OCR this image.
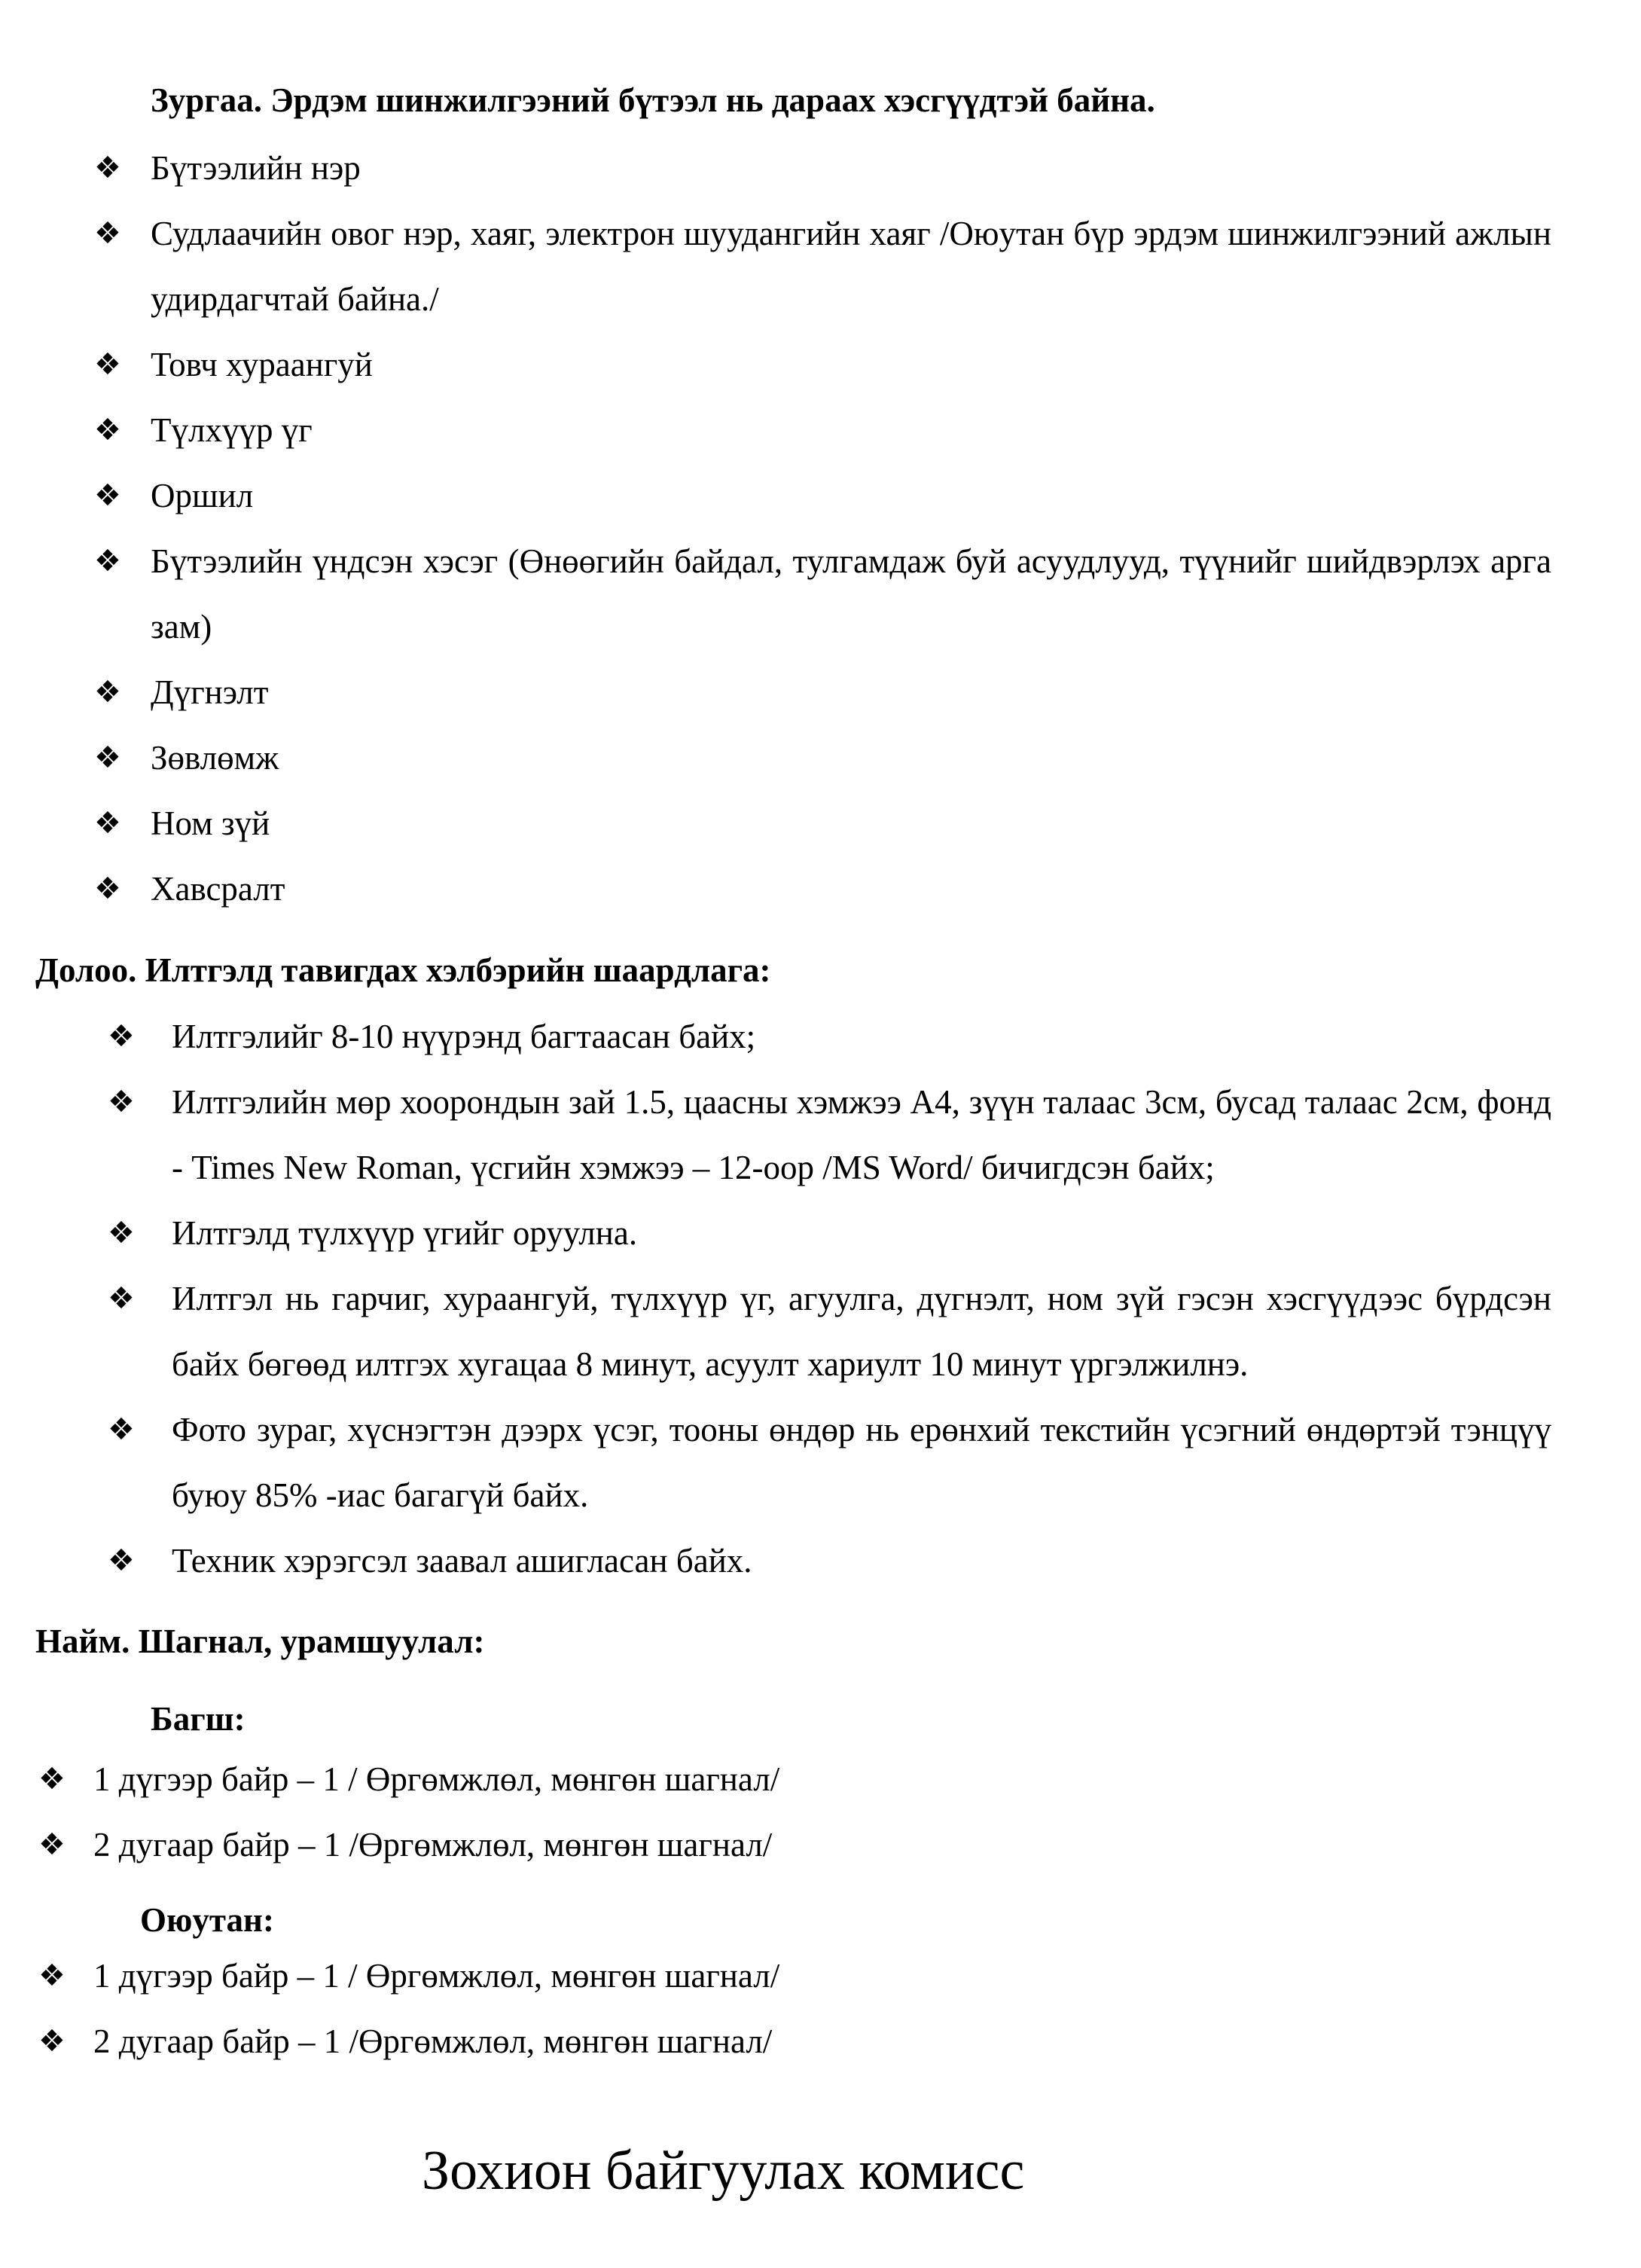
Зургаа. Эрдэм шинжилгээний бүтээл нь дараах хэсгүүдтэй байна.
❖ Бүтээлийн нэр
❖ Судлаачийн овог нэр, хаяг, электрон шуудангийн хаяг /Оюутан бүр эрдэм шинжилгээний ажлын удирдагчтай байна./
❖ Товч хураангуй
❖ Түлхүүр үг
❖ Оршил
❖ Бүтээлийн үндсэн хэсэг (Өнөөгийн байдал, тулгамдаж буй асуудлууд, түүнийг шийдвэрлэх арга зам)
❖ Дүгнэлт
❖ Зөвлөмж
❖ Ном зүй
❖ Хавсралт
Долоо. Илтгэлд тавигдах хэлбэрийн шаардлага:
❖ Илтгэлийг 8-10 нүүрэнд багтаасан байх;
❖ Илтгэлийн мөр хоорондын зай 1.5, цаасны хэмжээ А4, зүүн талаас 3см, бусад талаас 2см, фонд - Times New Roman, үсгийн хэмжээ – 12-оор /MS Word/ бичигдсэн байх;
❖ Илтгэлд түлхүүр үгийг оруулна.
❖ Илтгэл нь гарчиг, хураангуй, түлхүүр үг, агуулга, дүгнэлт, ном зүй гэсэн хэсгүүдээс бүрдсэн байх бөгөөд илтгэх хугацаа 8 минут, асуулт хариулт 10 минут үргэлжилнэ.
❖ Фото зураг, хүснэгтэн дээрх үсэг, тооны өндөр нь ерөнхий текстийн үсэгний өндөртэй тэнцүү буюу 85% -иас багагүй байх.
❖ Техник хэрэгсэл заавал ашигласан байх.
Найм. Шагнал, урамшуулал:
Багш:
❖ 1 дүгээр байр – 1 / Өргөмжлөл, мөнгөн шагнал/
❖ 2 дугаар байр – 1 /Өргөмжлөл, мөнгөн шагнал/
Оюутан:
❖ 1 дүгээр байр – 1 / Өргөмжлөл, мөнгөн шагнал/
❖ 2 дугаар байр – 1 /Өргөмжлөл, мөнгөн шагнал/
Зохион байгуулах комисс
